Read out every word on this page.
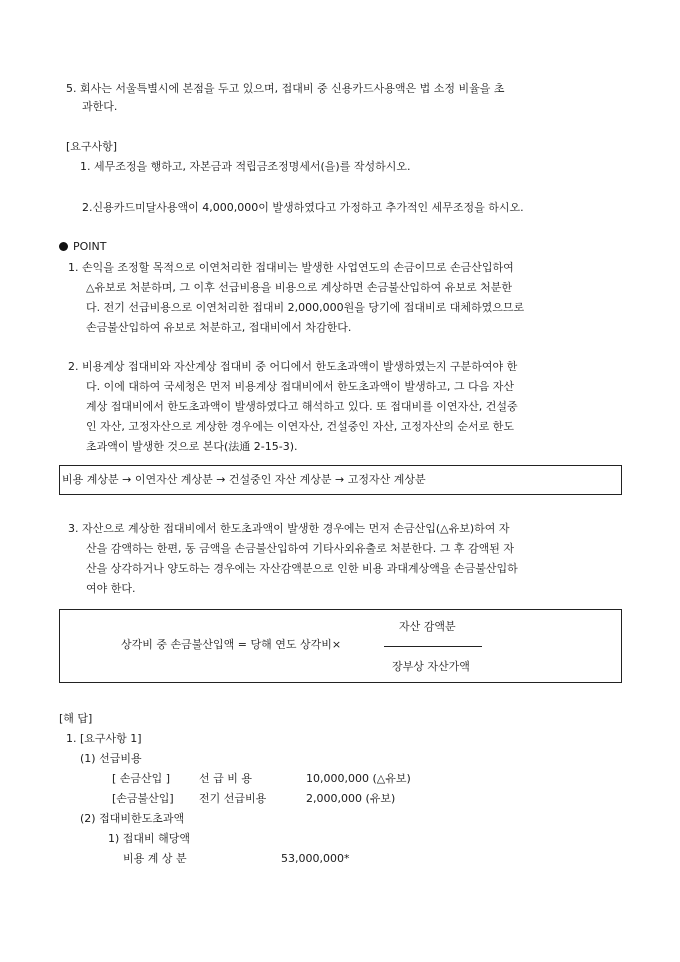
5. 회사는 서울특별시에 본점을 두고 있으며, 접대비 중 신용카드사용액은 법 소정 비율을 초
과한다.
[요구사항]
1. 세무조정을 행하고, 자본금과 적립금조정명세서(을)를 작성하시오.
2.신용카드미달사용액이 4,000,000이 발생하였다고 가정하고 추가적인 세무조정을 하시오.
POINT
1. 손익을 조정할 목적으로 이연처리한 접대비는 발생한 사업연도의 손금이므로 손금산입하여
△유보로 처분하며, 그 이후 선급비용을 비용으로 계상하면 손금불산입하여 유보로 처분한
다. 전기 선급비용으로 이연처리한 접대비 2,000,000원을 당기에 접대비로 대체하였으므로
손금불산입하여 유보로 처분하고, 접대비에서 차감한다.
2. 비용계상 접대비와 자산계상 접대비 중 어디에서 한도초과액이 발생하였는지 구분하여야 한
다. 이에 대하여 국세청은 먼저 비용계상 접대비에서 한도초과액이 발생하고, 그 다음 자산
계상 접대비에서 한도초과액이 발생하였다고 해석하고 있다. 또 접대비를 이연자산, 건설중
인 자산, 고정자산으로 계상한 경우에는 이연자산, 건설중인 자산, 고정자산의 순서로 한도
초과액이 발생한 것으로 본다(法通 2-15-3).
비용 계상분 → 이연자산 계상분 → 건설중인 자산 계상분 → 고정자산 계상분
3. 자산으로 계상한 접대비에서 한도초과액이 발생한 경우에는 먼저 손금산입(△유보)하여 자
산을 감액하는 한편, 동 금액을 손금불산입하여 기타사외유출로 처분한다. 그 후 감액된 자
산을 상각하거나 양도하는 경우에는 자산감액분으로 인한 비용 과대계상액을 손금불산입하
여야 한다.
자산 감액분
상각비 중 손금불산입액 = 당해 연도 상각비×
장부상 자산가액
[해 답]
1. [요구사항 1]
(1) 선급비용
[ 손금산입 ]	선 급 비 용	10,000,000 (△유보)
[손금불산입] 전기 선급비용	2,000,000 (유보)
(2) 접대비한도초과액
1) 접대비 해당액
비용 계 상 분	53,000,000*
